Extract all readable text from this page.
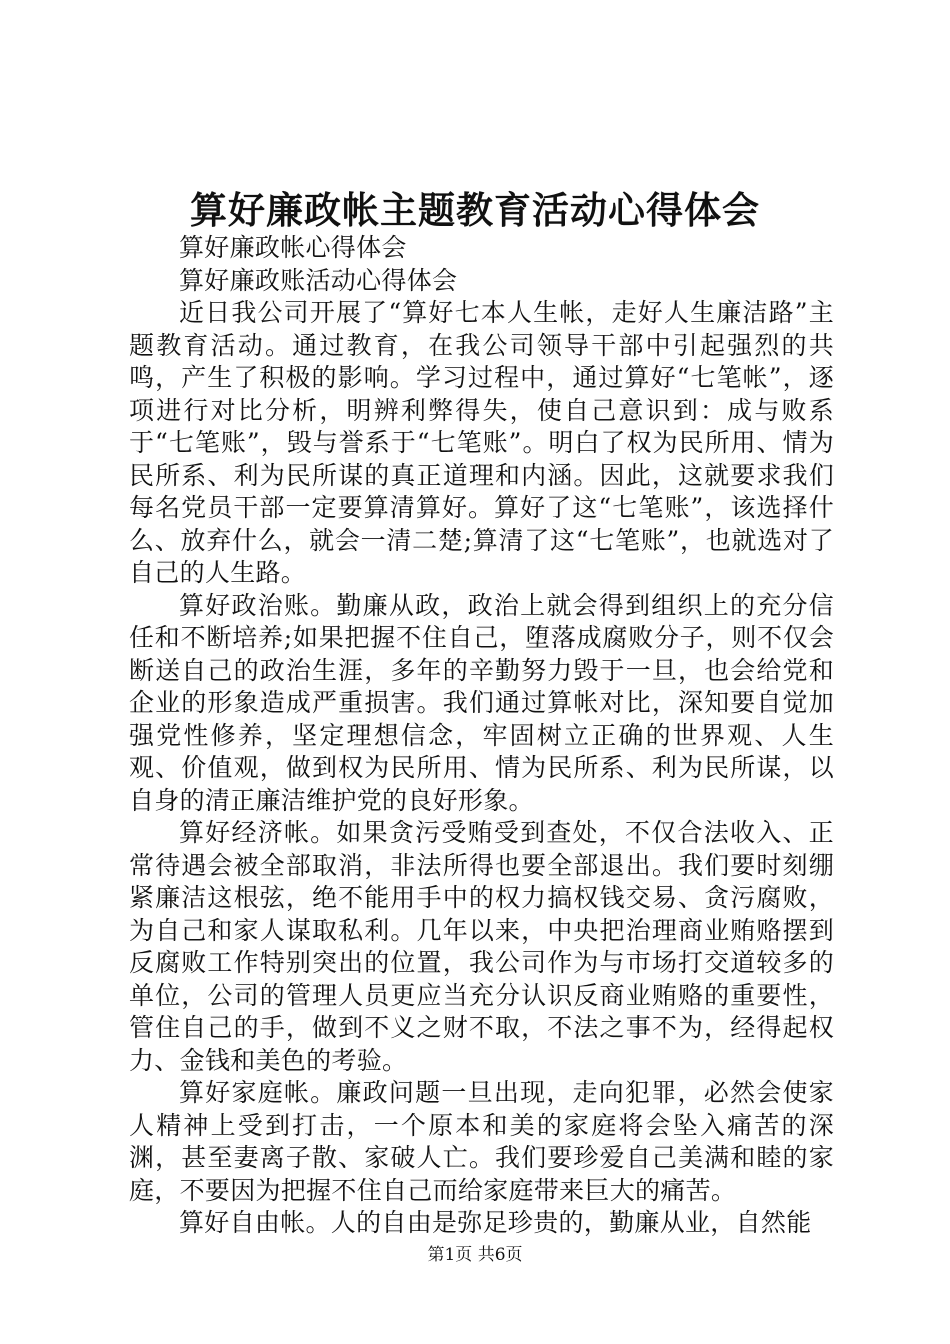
算好廉政帐主题教育活动心得体会

算好廉政帐心得体会

算好廉政账活动心得体会

近日我公司开展了“算好七本人生帐，走好人生廉洁路”主题教育活动。通过教育，在我公司领导干部中引起强烈的共鸣，产生了积极的影响。学习过程中，通过算好“七笔帐”，逐项进行对比分析，明辨利弊得失，使自己意识到：成与败系于“七笔账”，毁与誉系于“七笔账”。明白了权为民所用、情为民所系、利为民所谋的真正道理和内涵。因此，这就要求我们每名党员干部一定要算清算好。算好了这“七笔账”，该选择什么、放弃什么，就会一清二楚;算清了这“七笔账”，也就选对了自己的人生路。

算好政治账。勤廉从政，政治上就会得到组织上的充分信任和不断培养;如果把握不住自己，堕落成腐败分子，则不仅会断送自己的政治生涯，多年的辛勤努力毁于一旦，也会给党和企业的形象造成严重损害。我们通过算帐对比，深知要自觉加强党性修养，坚定理想信念，牢固树立正确的世界观、人生观、价值观，做到权为民所用、情为民所系、利为民所谋，以自身的清正廉洁维护党的良好形象。

算好经济帐。如果贪污受贿受到查处，不仅合法收入、正常待遇会被全部取消，非法所得也要全部退出。我们要时刻绷紧廉洁这根弦，绝不能用手中的权力搞权钱交易、贪污腐败，为自己和家人谋取私利。几年以来，中央把治理商业贿赂摆到反腐败工作特别突出的位置，我公司作为与市场打交道较多的单位，公司的管理人员更应当充分认识反商业贿赂的重要性，管住自己的手，做到不义之财不取，不法之事不为，经得起权力、金钱和美色的考验。

算好家庭帐。廉政问题一旦出现，走向犯罪，必然会使家人精神上受到打击，一个原本和美的家庭将会坠入痛苦的深渊，甚至妻离子散、家破人亡。我们要珍爱自己美满和睦的家庭，不要因为把握不住自己而给家庭带来巨大的痛苦。

算好自由帐。人的自由是弥足珍贵的，勤廉从业，自然能

第1页 共6页
